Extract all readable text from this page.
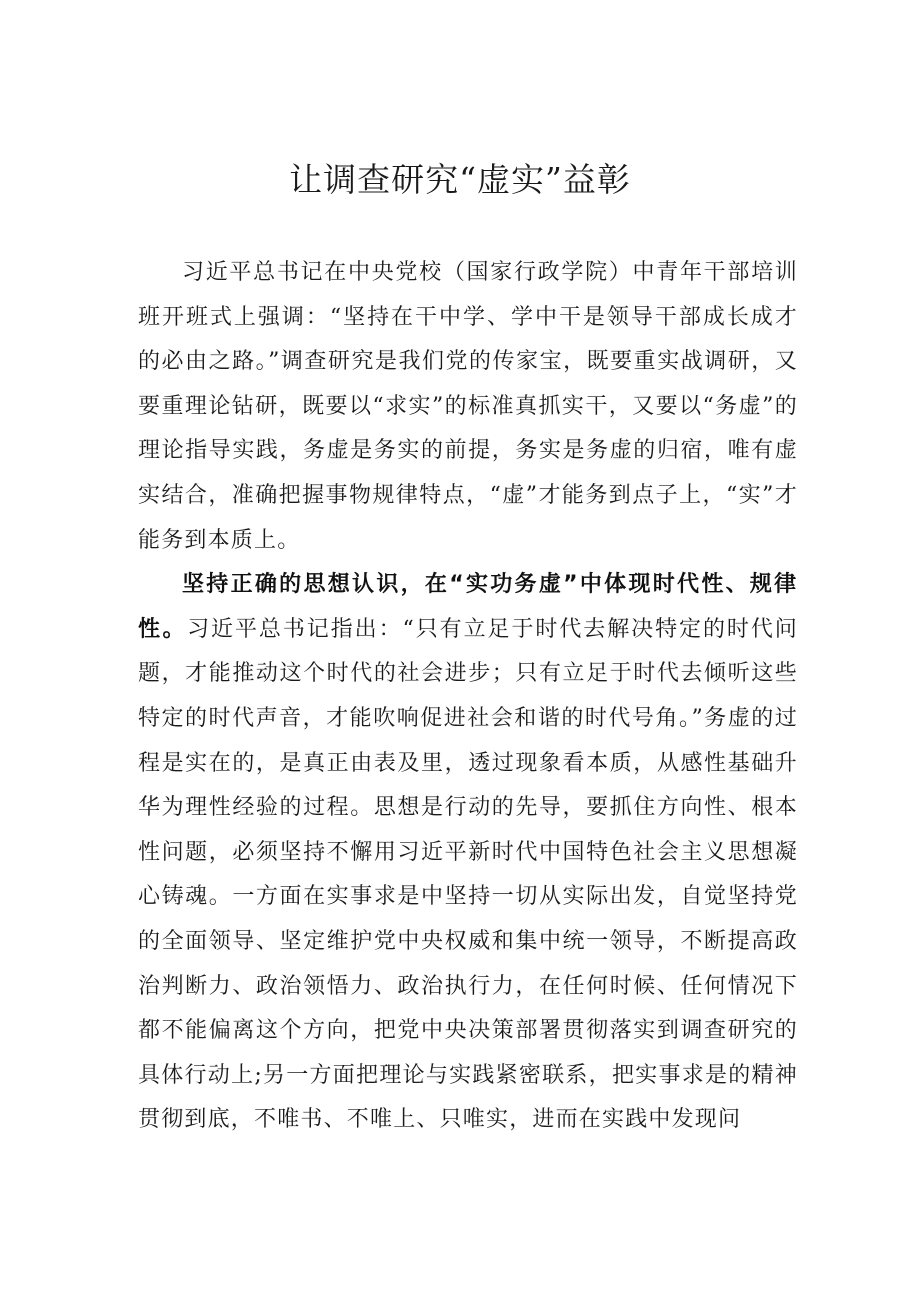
让调查研究“虚实”益彰

习近平总书记在中央党校（国家行政学院）中青年干部培训班开班式上强调：“坚持在干中学、学中干是领导干部成长成才的必由之路。”调查研究是我们党的传家宝，既要重实战调研，又要重理论钻研，既要以“求实”的标准真抓实干，又要以“务虚”的理论指导实践，务虚是务实的前提，务实是务虚的归宿，唯有虚实结合，准确把握事物规律特点，“虚”才能务到点子上，“实”才能务到本质上。

坚持正确的思想认识，在“实功务虚”中体现时代性、规律性。习近平总书记指出：“只有立足于时代去解决特定的时代问题，才能推动这个时代的社会进步；只有立足于时代去倾听这些特定的时代声音，才能吹响促进社会和谐的时代号角。”务虚的过程是实在的，是真正由表及里，透过现象看本质，从感性基础升华为理性经验的过程。思想是行动的先导，要抓住方向性、根本性问题，必须坚持不懈用习近平新时代中国特色社会主义思想凝心铸魂。一方面在实事求是中坚持一切从实际出发，自觉坚持党的全面领导、坚定维护党中央权威和集中统一领导，不断提高政治判断力、政治领悟力、政治执行力，在任何时候、任何情况下都不能偏离这个方向，把党中央决策部署贯彻落实到调查研究的具体行动上;另一方面把理论与实践紧密联系，把实事求是的精神贯彻到底，不唯书、不唯上、只唯实，进而在实践中发现问
